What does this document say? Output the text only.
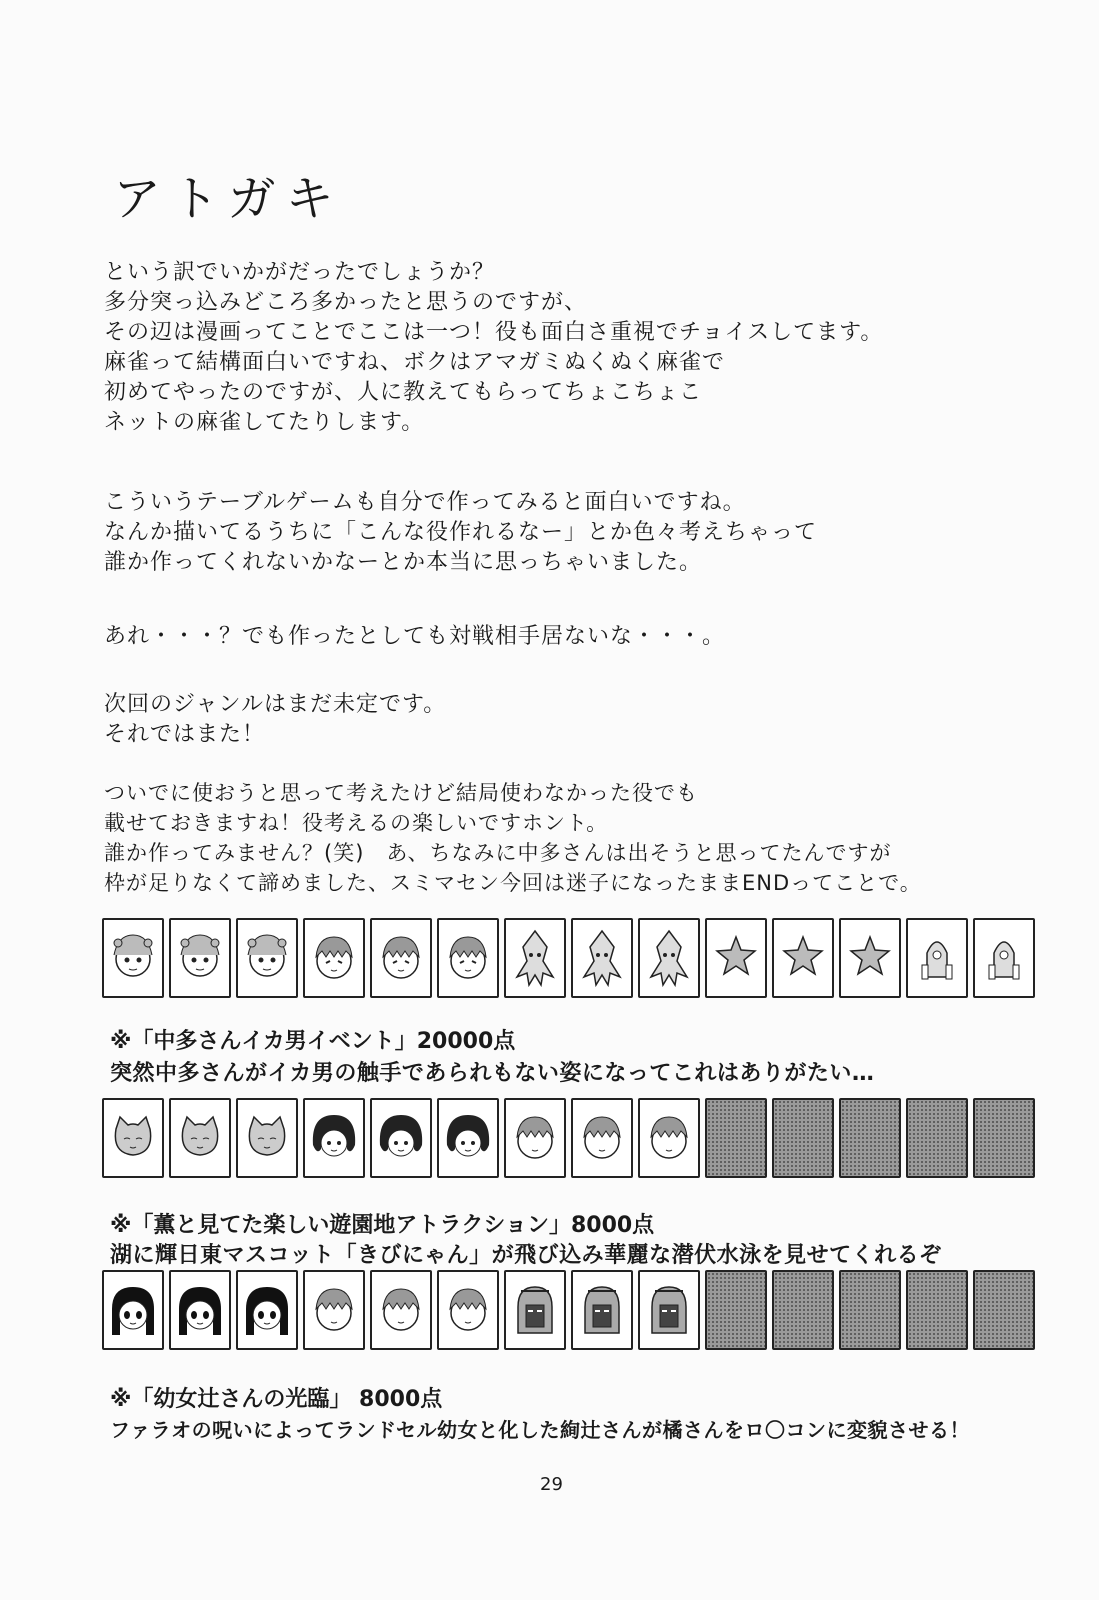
アトガキ
という訳でいかがだったでしょうか？
多分突っ込みどころ多かったと思うのですが、
その辺は漫画ってことでここは一つ！役も面白さ重視でチョイスしてます。
麻雀って結構面白いですね、ボクはアマガミぬくぬく麻雀で
初めてやったのですが、人に教えてもらってちょこちょこ
ネットの麻雀してたりします。
こういうテーブルゲームも自分で作ってみると面白いですね。
なんか描いてるうちに「こんな役作れるなー」とか色々考えちゃって
誰か作ってくれないかなーとか本当に思っちゃいました。
あれ・・・？でも作ったとしても対戦相手居ないな・・・。
次回のジャンルはまだ未定です。
それではまた！
ついでに使おうと思って考えたけど結局使わなかった役でも
載せておきますね！役考えるの楽しいですホント。
誰か作ってみません？(笑)　あ、ちなみに中多さんは出そうと思ってたんですが
枠が足りなくて諦めました、スミマセン今回は迷子になったままENDってことで。
※「中多さんイカ男イベント」20000点
突然中多さんがイカ男の触手であられもない姿になってこれはありがたい…
※「薫と見てた楽しい遊園地アトラクション」8000点
湖に輝日東マスコット「きびにゃん」が飛び込み華麗な潜伏水泳を見せてくれるぞ
※「幼女辻さんの光臨」 8000点
ファラオの呪いによってランドセル幼女と化した絢辻さんが橘さんをロ〇コンに変貌させる！
29
